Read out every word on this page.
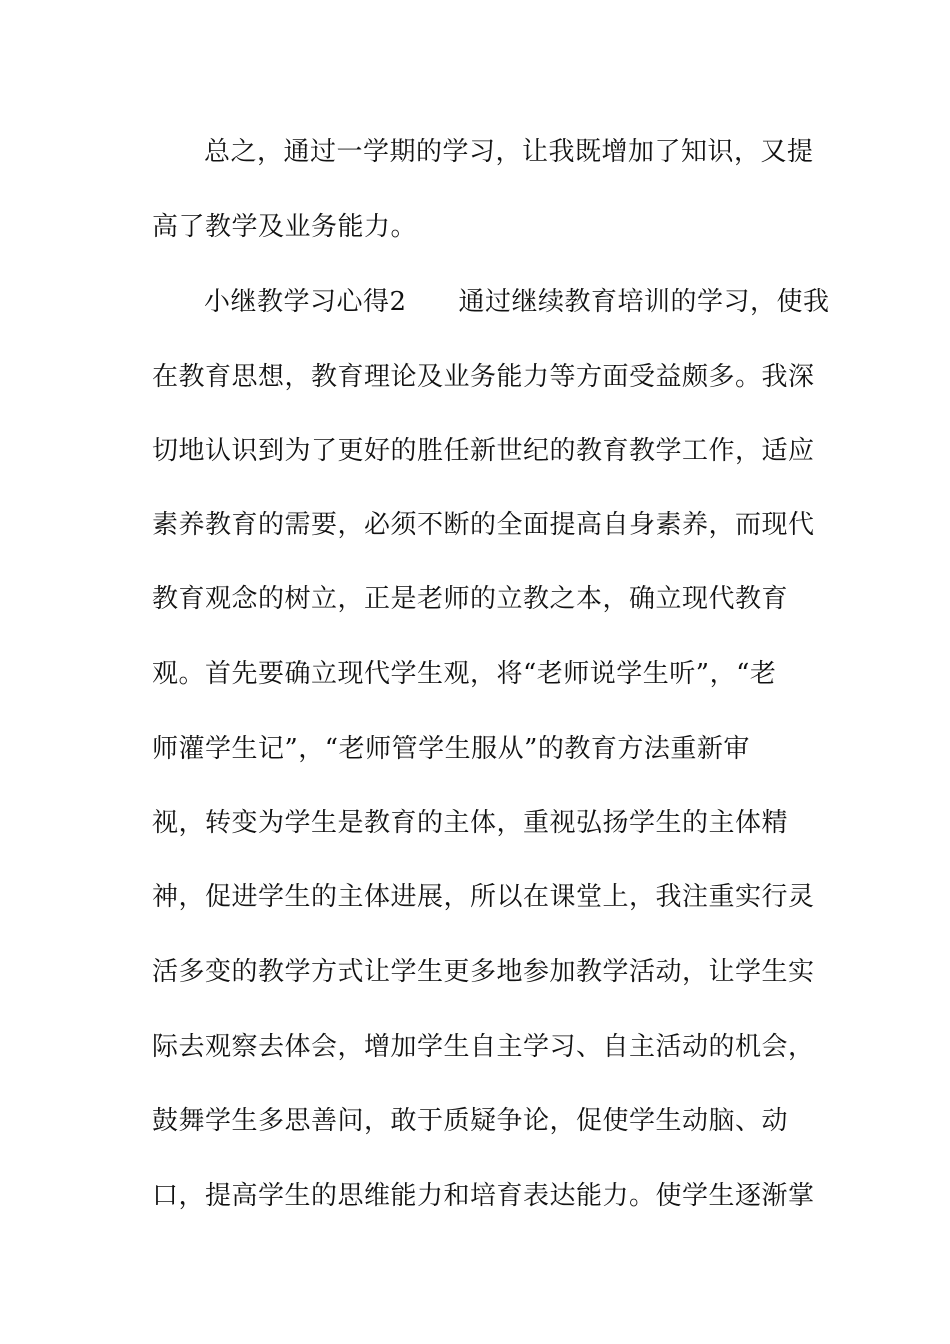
总之，通过一学期的学习，让我既增加了知识，又提
高了教学及业务能力。
小继教学习心得2 通过继续教育培训的学习，使我
在教育思想，教育理论及业务能力等方面受益颇多。我深
切地认识到为了更好的胜任新世纪的教育教学工作，适应
素养教育的需要，必须不断的全面提高自身素养，而现代
教育观念的树立，正是老师的立教之本，确立现代教育
观。首先要确立现代学生观，将“老师说学生听”，“老
师灌学生记”，“老师管学生服从”的教育方法重新审
视，转变为学生是教育的主体，重视弘扬学生的主体精
神，促进学生的主体进展，所以在课堂上，我注重实行灵
活多变的教学方式让学生更多地参加教学活动，让学生实
际去观察去体会，增加学生自主学习、自主活动的机会，
鼓舞学生多思善问，敢于质疑争论，促使学生动脑、动
口，提高学生的思维能力和培育表达能力。使学生逐渐掌
